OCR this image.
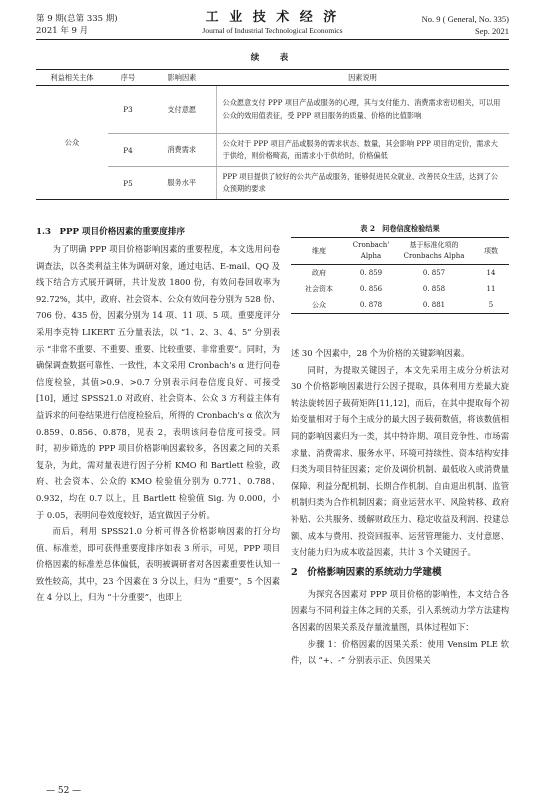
第 9 期(总第 335 期)
2021 年 9 月
工 业 技 术 经 济
Journal of Industrial Technological Economics
No. 9 ( General, No. 335)
Sep. 2021
续　表
利益相关主体	序号	影响因素	因素说明
公众	P3	支付意愿	公众愿意支付 PPP 项目产品或服务的心理，其与支付能力、消费需求密切相关，可以用公众的效用值表征，受 PPP 项目服务的质量、价格的比值影响
	P4	消费需求	公众对于 PPP 项目产品或服务的需求状态、数量，其会影响 PPP 项目的定价，需求大于供给，则价格畸高，而需求小于供给时，价格偏低
	P5	服务水平	PPP 项目提供了较好的公共产品或服务，能够促进民众就业、改善民众生活，达到了公众预期的要求
1.3　PPP 项目价格因素的重要度排序

为了明确 PPP 项目价格影响因素的重要程度，本文选用问卷调查法，以各类利益主体为调研对象，通过电话、E-mail、QQ 及线下结合方式展开调研，共计发放 1800 份，有效问卷回收率为 92.72%，其中，政府、社会资本、公众有效问卷分别为 528 份、706 份、435 份，因素分别为 14 项、11 项、5 项。重要度评分采用李克特 LIKERT 五分量表法，以 “1、2、3、4、5” 分别表示 “非常不重要、不重要、重要、比较重要、非常重要”。同时，为确保调查数据可靠性、一致性，本文采用 Cronbach's α 进行问卷信度检验，其值>0.9、>0.7 分别表示问卷信度良好、可接受[10]，通过 SPSS21.0 对政府、社会资本、公众 3 方利益主体有益诉求的问卷结果进行信度检验后，所得的 Cronbach's α 依次为 0.859、0.856、0.878，见表 2，表明该问卷信度可接受。同时，初步筛选的 PPP 项目价格影响因素较多，各因素之间的关系复杂，为此，需对量表进行因子分析 KMO 和 Bartlett 检验，政府、社会资本、公众的 KMO 检验值分别为 0.771、0.788、0.932，均在 0.7 以上，且 Bartlett 检验值 Sig. 为 0.000，小于 0.05，表明问卷效度较好，适宜做因子分析。

而后，利用 SPSS21.0 分析可得各价格影响因素的打分均值、标准差，即可获得重要度排序如表 3 所示，可见，PPP 项目价格因素的标准差总体偏低，表明被调研者对各因素重要性认知一致性较高，其中，23 个因素在 3 分以上，归为 “重要”，5 个因素在 4 分以上，归为 “十分重要”，也即上

表 2　问卷信度检验结果
维度	Cronbach' Alpha	基于标准化项的 Cronbachs Alpha	项数
政府	0. 859	0. 857	14
社会资本	0. 856	0. 858	11
公众	0. 878	0. 881	5

述 30 个因素中，28 个为价格的关键影响因素。

同时，为提取关键因子，本文先采用主成分分析法对 30 个价格影响因素进行公因子提取，具体利用方差最大旋转法旋转因子载荷矩阵[11,12]，而后，在其中提取每个初始变量相对于每个主成分的最大因子载荷数值，将该数值相同的影响因素归为一类，其中特许期、项目竞争性、市场需求量、消费需求、服务水平、环境可持续性、资本结构安排归类为项目特征因素；定价及调价机制、最低收入或消费量保障、利益分配机制、长期合作机制、自由退出机制、监管机制归类为合作机制因素；商业运营水平、风险转移、政府补贴、公共服务、缓解财政压力、稳定收益及利润、投建总额、成本与费用、投资回报率、运营管理能力、支付意愿、支付能力归为成本收益因素，共计 3 个关键因子。

2　价格影响因素的系统动力学建模

为探究各因素对 PPP 项目价格的影响性，本文结合各因素与不同利益主体之间的关系，引入系统动力学方法建构各因素的因果关系及存量流量图，具体过程如下：

步骤 1：价格因素的因果关系：使用 Vensim PLE 软件，以 “+、-” 分别表示正、负因果关

— 52 —
